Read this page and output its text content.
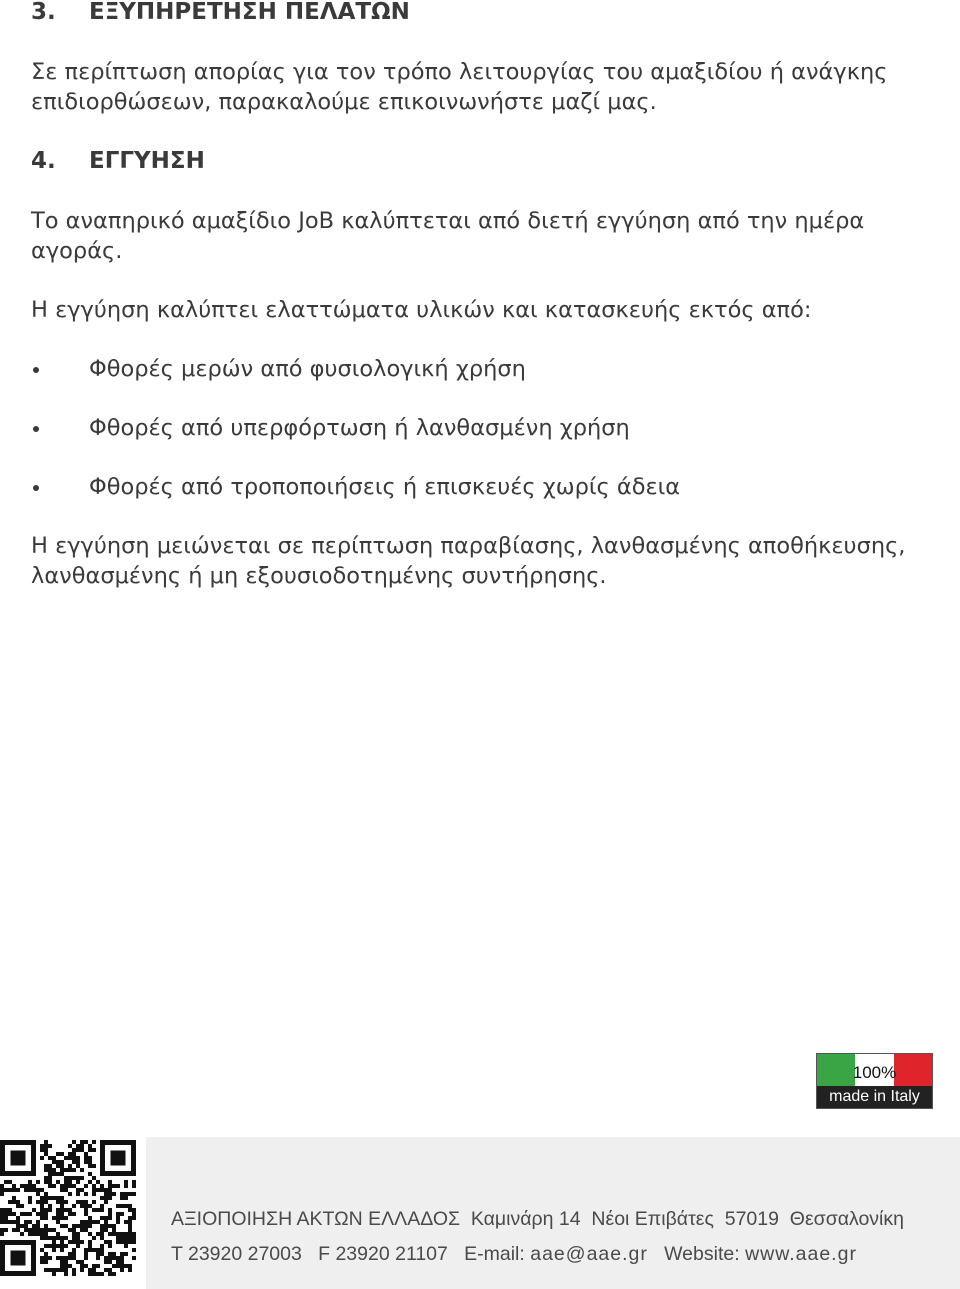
3. ΕΞΥΠΗΡΕΤΗΣΗ ΠΕΛΑΤΩΝ

Σε περίπτωση απορίας για τον τρόπο λειτουργίας του αμαξιδίου ή ανάγκης επιδιορθώσεων, παρακαλούμε επικοινωνήστε μαζί μας.

4. ΕΓΓΥΗΣΗ

Το αναπηρικό αμαξίδιο JoB καλύπτεται από διετή εγγύηση από την ημέρα αγοράς.

Η εγγύηση καλύπτει ελαττώματα υλικών και κατασκευής εκτός από:

Φθορές μερών από φυσιολογική χρήση
Φθορές από υπερφόρτωση ή λανθασμένη χρήση
Φθορές από τροποποιήσεις ή επισκευές χωρίς άδεια

Η εγγύηση μειώνεται σε περίπτωση παραβίασης, λανθασμένης αποθήκευσης, λανθασμένης ή μη εξουσιοδοτημένης συντήρησης.

100%
made in Italy
ΑΞΙΟΠΟΙΗΣΗ ΑΚΤΩΝ ΕΛΛΑΔΟΣ Καμινάρη 14 Νέοι Επιβάτες 57019 Θεσσαλονίκη
T 23920 27003 F 23920 21107 E-mail: aae@aae.gr Website: www.aae.gr
